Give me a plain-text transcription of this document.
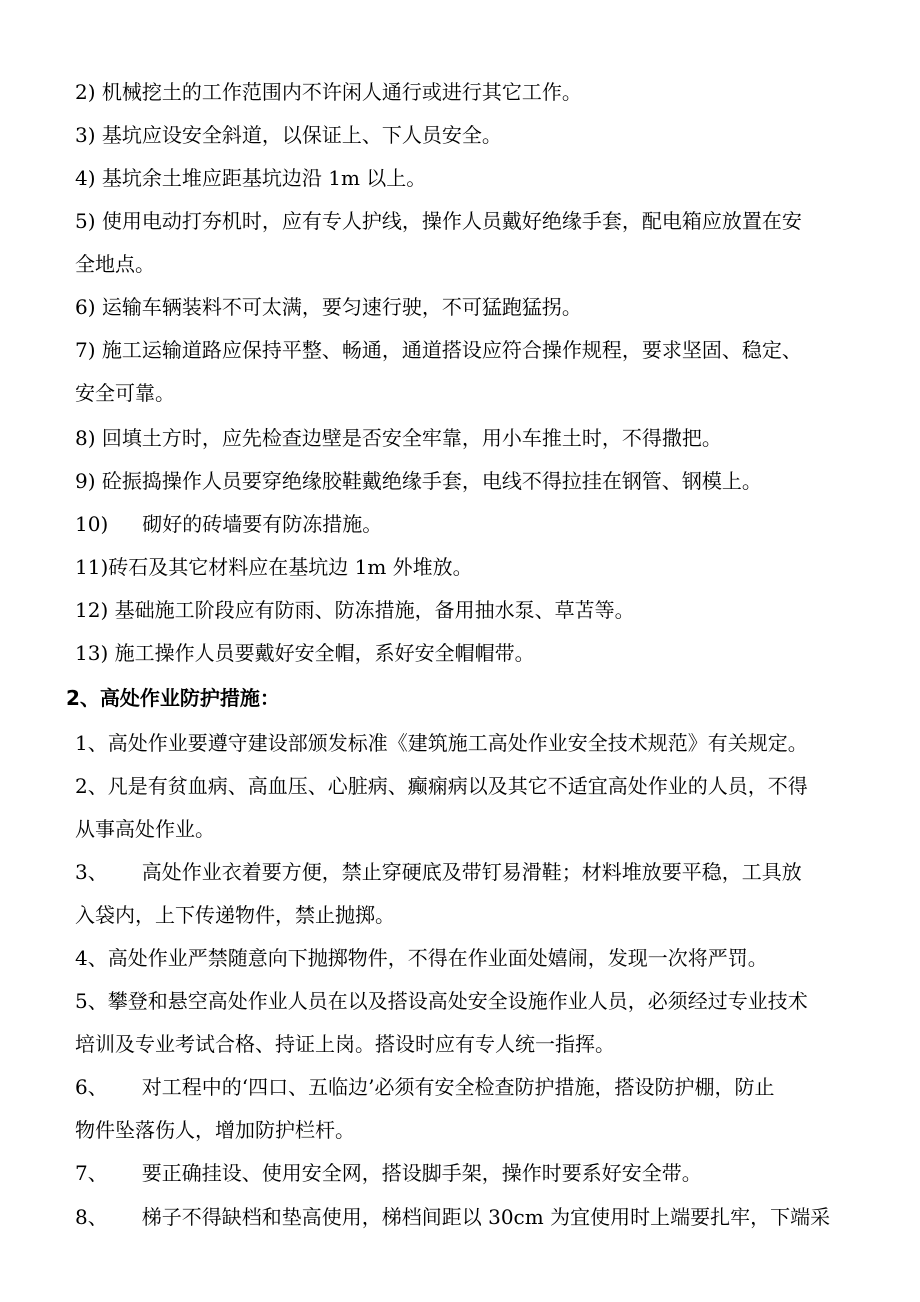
2) 机械挖土的工作范围内不许闲人通行或进行其它工作。
3) 基坑应设安全斜道，以保证上、下人员安全。
4) 基坑余土堆应距基坑边沿 1m 以上。
5) 使用电动打夯机时，应有专人护线，操作人员戴好绝缘手套，配电箱应放置在安
全地点。
6) 运输车辆装料不可太满，要匀速行驶，不可猛跑猛拐。
7) 施工运输道路应保持平整、畅通，通道搭设应符合操作规程，要求坚固、稳定、
安全可靠。
8) 回填土方时，应先检查边壁是否安全牢靠，用小车推土时，不得撒把。
9) 砼振捣操作人员要穿绝缘胶鞋戴绝缘手套，电线不得拉挂在钢管、钢模上。
10) 砌好的砖墙要有防冻措施。
11)砖石及其它材料应在基坑边 1m 外堆放。
12) 基础施工阶段应有防雨、防冻措施，备用抽水泵、草苫等。
13) 施工操作人员要戴好安全帽，系好安全帽帽带。
2、高处作业防护措施：
1、高处作业要遵守建设部颁发标准《建筑施工高处作业安全技术规范》有关规定。
2、凡是有贫血病、高血压、心脏病、癫痫病以及其它不适宜高处作业的人员，不得
从事高处作业。
3、 高处作业衣着要方便，禁止穿硬底及带钉易滑鞋；材料堆放要平稳，工具放
入袋内，上下传递物件，禁止抛掷。
4、高处作业严禁随意向下抛掷物件，不得在作业面处嬉闹，发现一次将严罚。
5、攀登和悬空高处作业人员在以及搭设高处安全设施作业人员，必须经过专业技术
培训及专业考试合格、持证上岗。搭设时应有专人统一指挥。
6、 对工程中的‘四口、五临边’必须有安全检查防护措施，搭设防护棚，防止
物件坠落伤人，增加防护栏杆。
7、 要正确挂设、使用安全网，搭设脚手架，操作时要系好安全带。
8、 梯子不得缺档和垫高使用，梯档间距以 30cm 为宜使用时上端要扎牢，下端采
